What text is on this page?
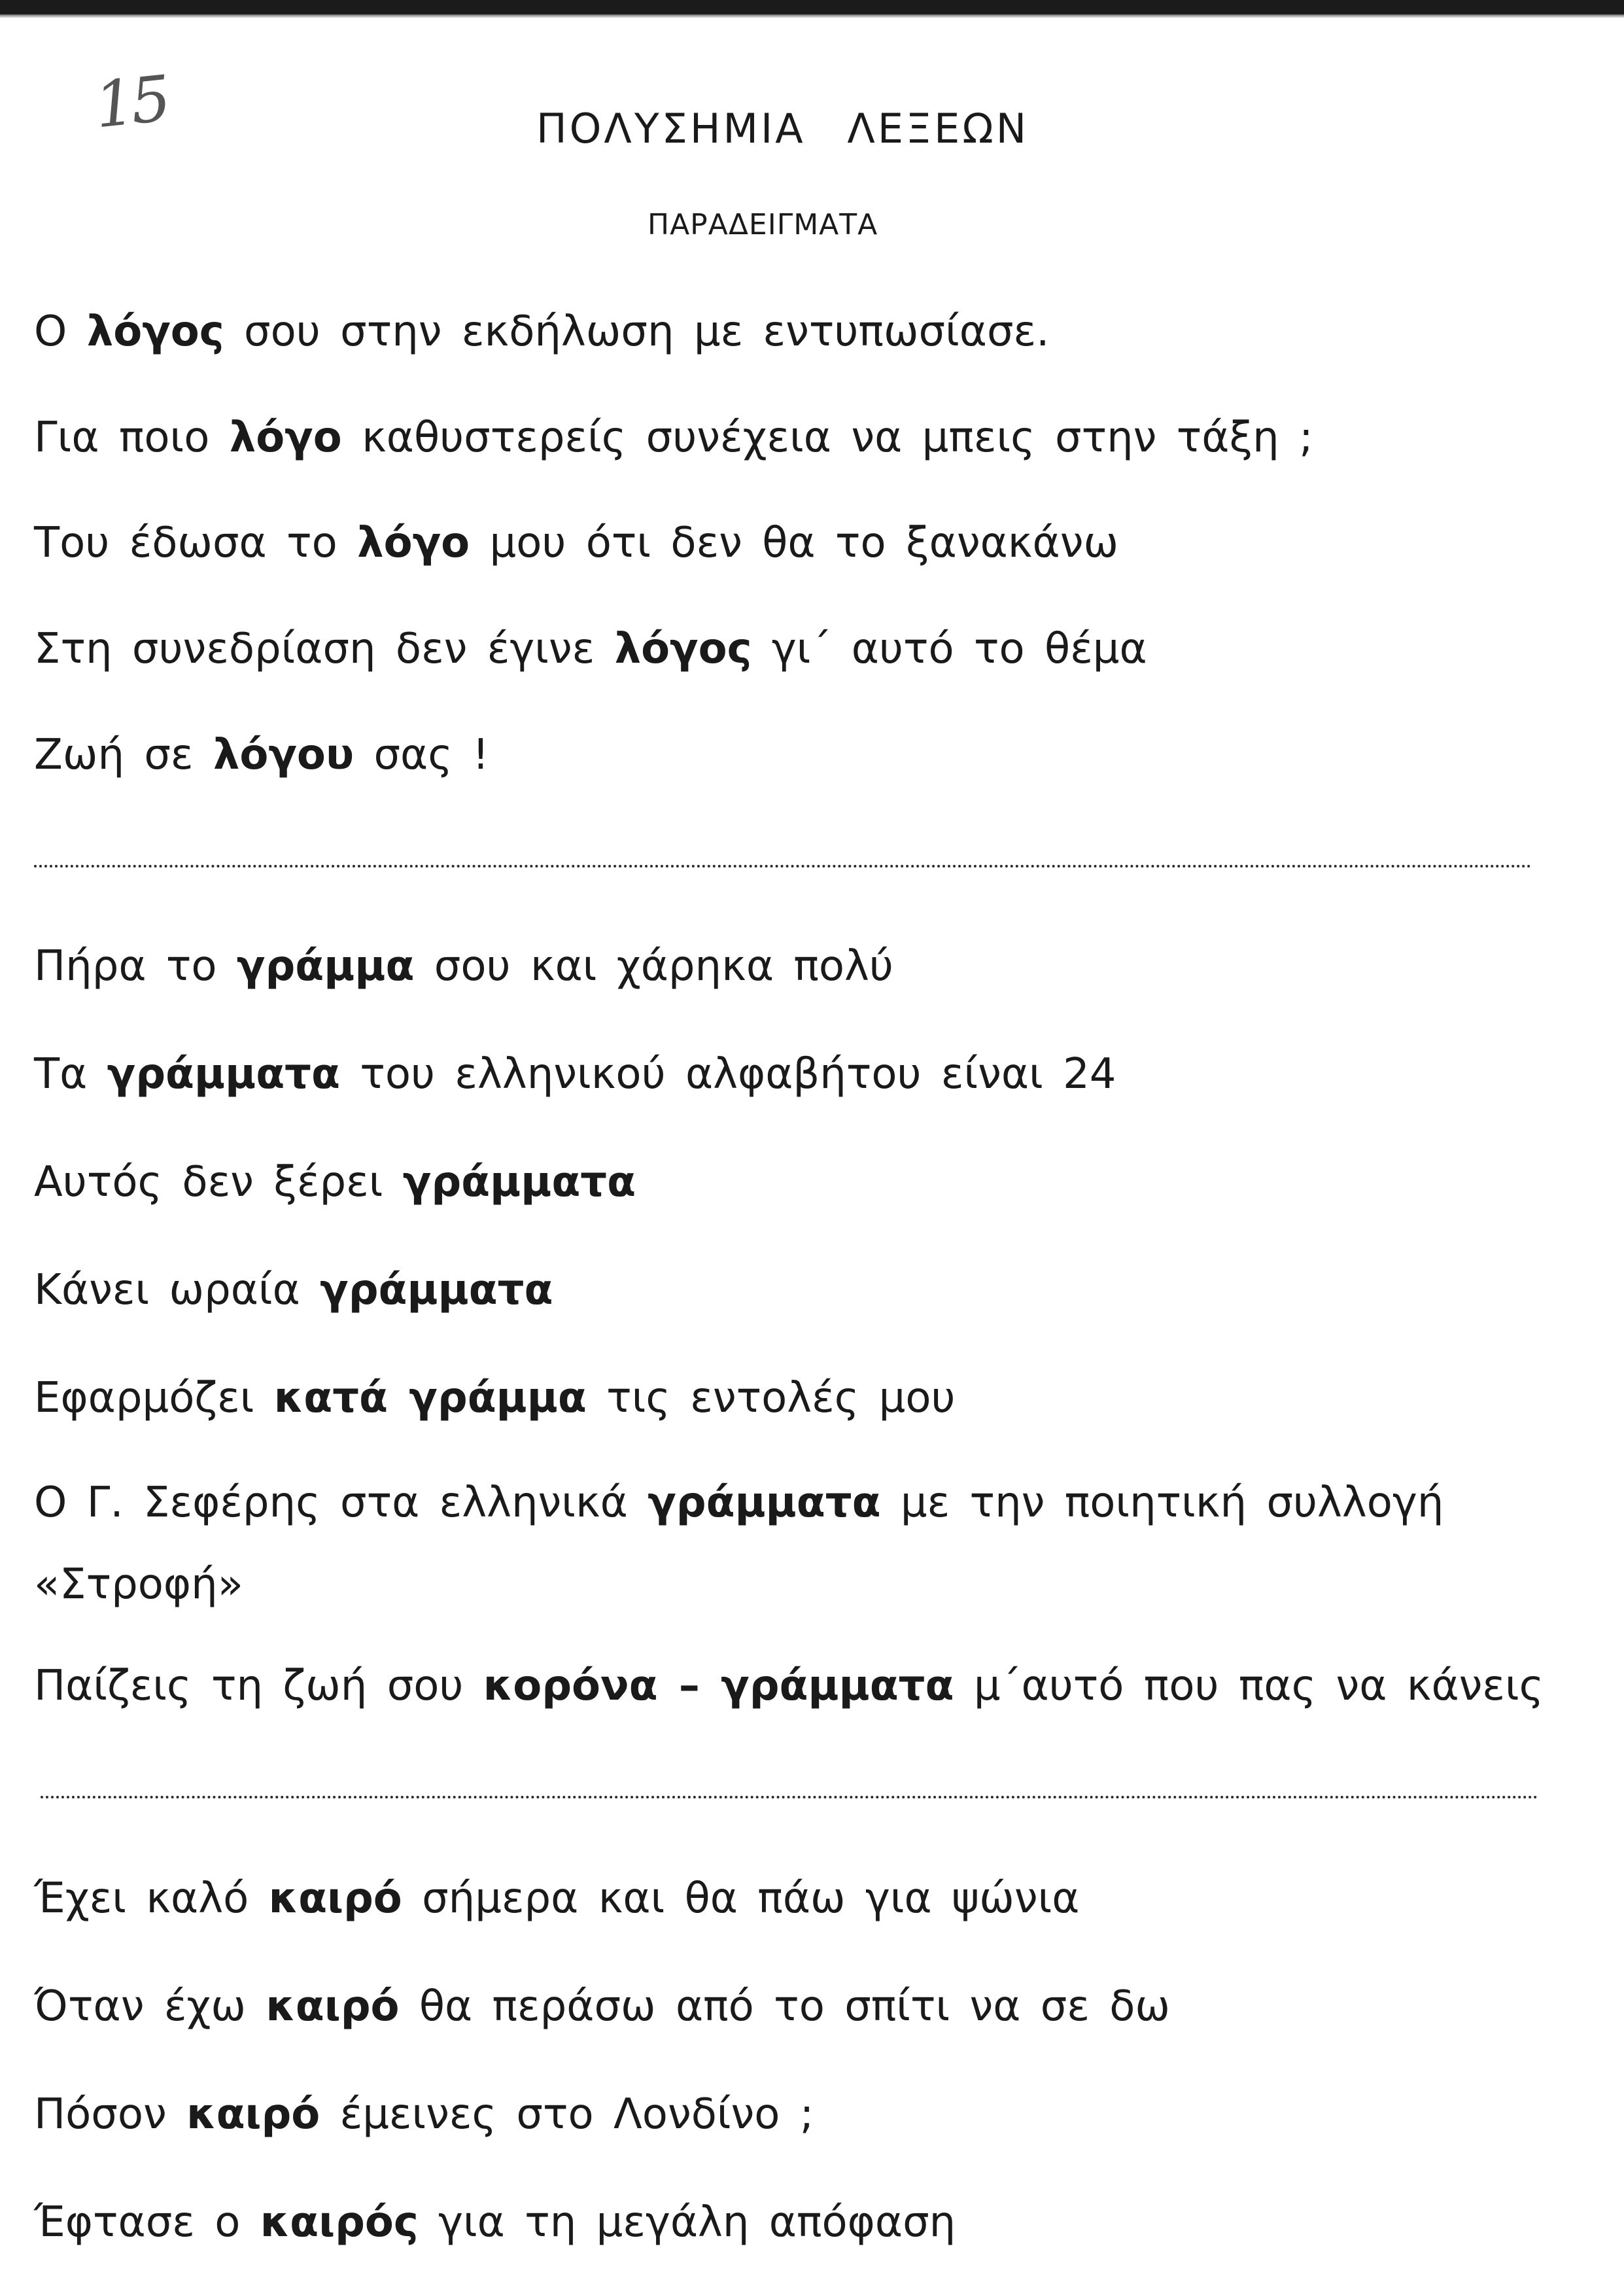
15	ΠΟΛΥΣΗΜΙΑ ΛΕΞΕΩΝ
ΠΑΡΑΔΕΙΓΜΑΤΑ
Ο λόγος σου στην εκδήλωση με εντυπωσίασε.
Για ποιο λόγο καθυστερείς συνέχεια να μπεις στην τάξη ;
Του έδωσα το λόγο μου ότι δεν θα το ξανακάνω
Στη συνεδρίαση δεν έγινε λόγος γι΄ αυτό το θέμα
Ζωή σε λόγου σας !
Πήρα το γράμμα σου και χάρηκα πολύ
Τα γράμματα του ελληνικού αλφαβήτου είναι 24
Αυτός δεν ξέρει γράμματα
Κάνει ωραία γράμματα
Εφαρμόζει κατά γράμμα τις εντολές μου
Ο Γ. Σεφέρης στα ελληνικά γράμματα με την ποιητική συλλογή
«Στροφή»
Παίζεις τη ζωή σου κορόνα – γράμματα μ΄αυτό που πας να κάνεις
Έχει καλό καιρό σήμερα και θα πάω για ψώνια
Όταν έχω καιρό θα περάσω από το σπίτι να σε δω
Πόσον καιρό έμεινες στο Λονδίνο ;
Έφτασε ο καιρός για τη μεγάλη απόφαση
